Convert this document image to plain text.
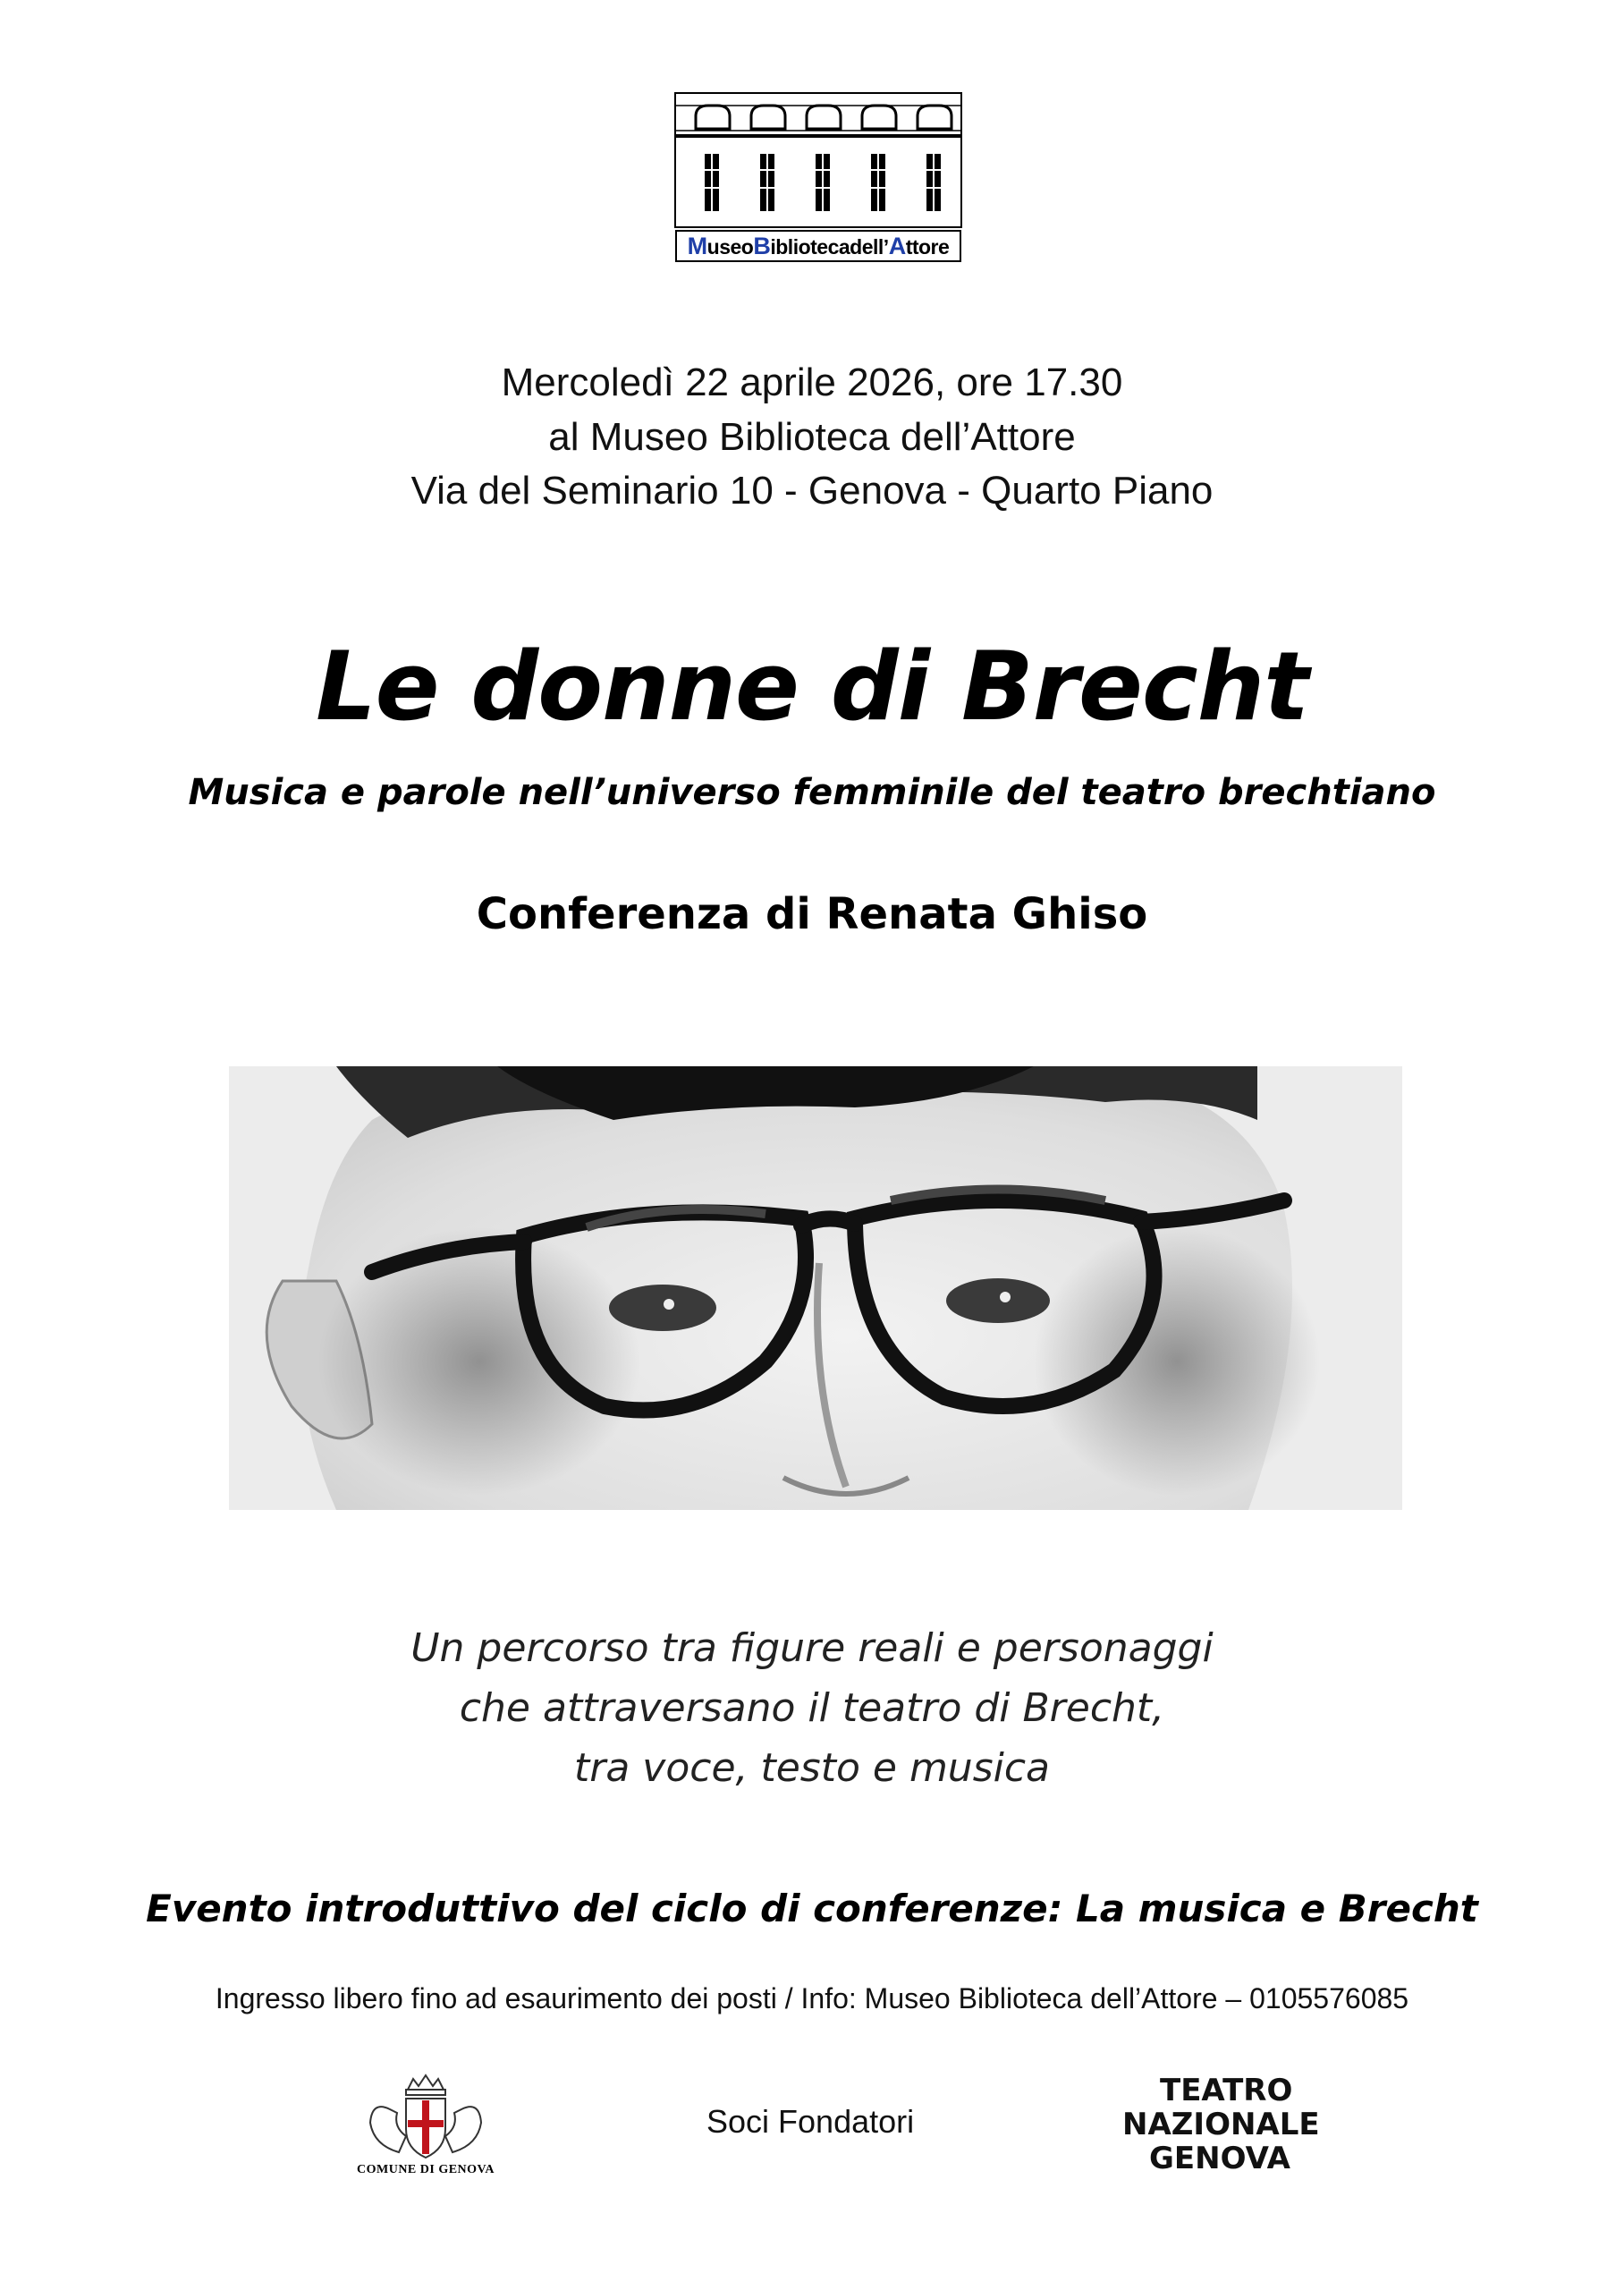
MuseoBibliotecadell’Attore
Mercoledì 22 aprile 2026, ore 17.30
al Museo Biblioteca dell’Attore
Via del Seminario 10 - Genova - Quarto Piano
Le donne di Brecht
Musica e parole nell’universo femminile del teatro brechtiano
Conferenza di Renata Ghiso
Un percorso tra figure reali e personaggi
che attraversano il teatro di Brecht,
tra voce, testo e musica
Evento introduttivo del ciclo di conferenze: La musica e Brecht
Ingresso libero fino ad esaurimento dei posti / Info: Museo Biblioteca dell’Attore – 0105576085
COMUNE DI GENOVA
Soci Fondatori
TEATRO
NAZIONALE
GENOVA
